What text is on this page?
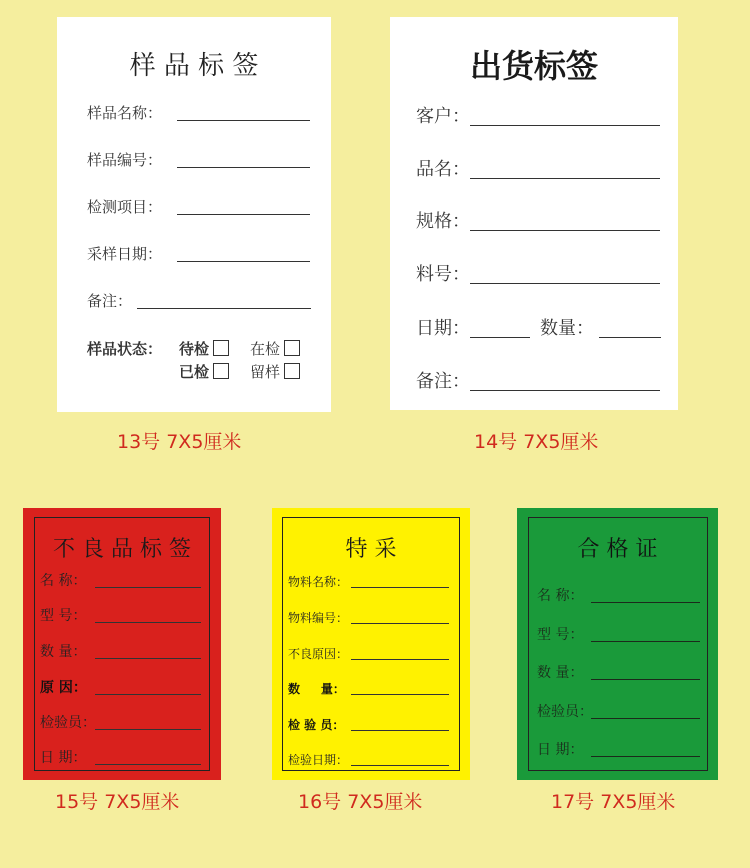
样 品 标 签
样品名称：
样品编号：
检测项目：
采样日期：
备注：
样品状态： 待检	在检
已检	留样
13号 7X5厘米
出货标签
客户：
品名：
规格：
料号：
日期：	数量：
备注：
14号 7X5厘米
不 良 品 标 签
名 称：
型 号：
数 量：
原 因：
检验员：
日 期：
15号 7X5厘米
特 采
物料名称：
物料编号：
不良原因：
数     量：
检 验 员：
检验日期：
16号 7X5厘米
合 格 证
名 称：
型 号：
数 量：
检验员：
日 期：
17号 7X5厘米
